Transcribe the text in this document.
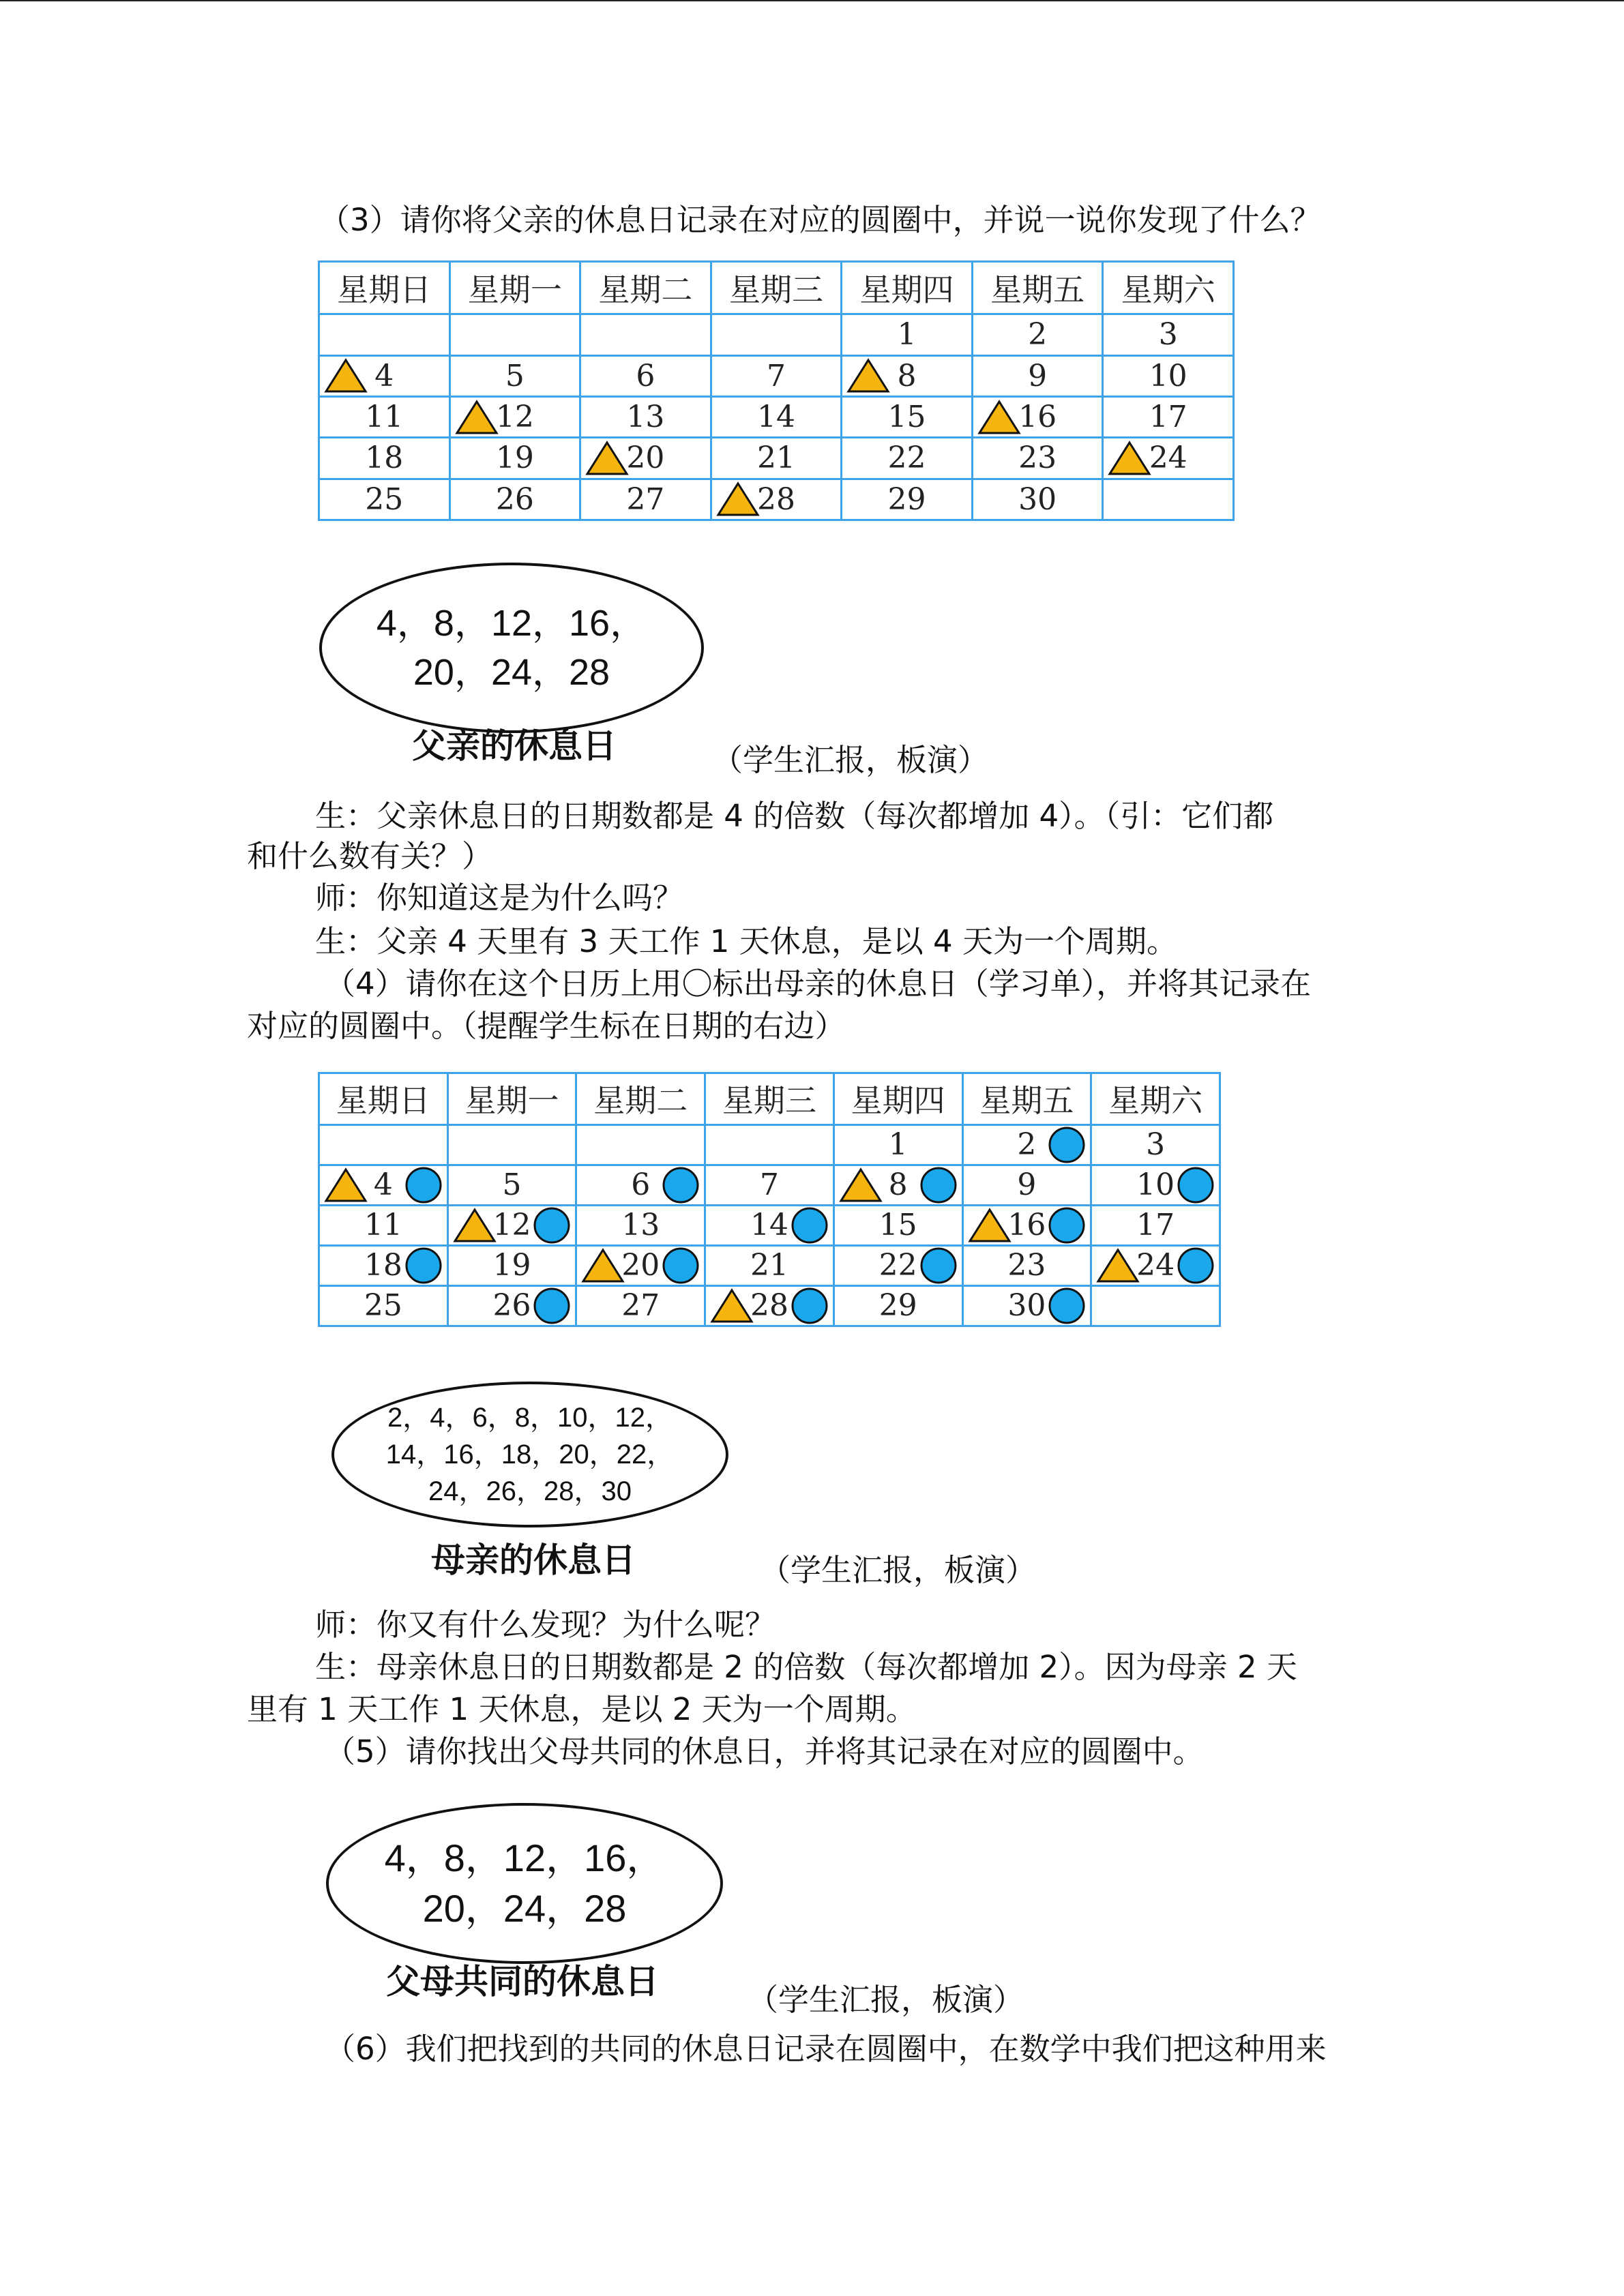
（3）请你将父亲的休息日记录在对应的圆圈中，并说一说你发现了什么？

星期日	星期一	星期二	星期三	星期四	星期五	星期六
				1	2	3
4	5	6	7	8	9	10
11	12	13	14	15	16	17
18	19	20	21	22	23	24

25	26	27	28	29	30	
4，8，12，16，
20，24，28
父亲的休息日	（学生汇报，板演）

生：父亲休息日的日期数都是 4 的倍数（每次都增加 4）。（引：它们都

和什么数有关？）

师：你知道这是为什么吗？

生：父亲 4 天里有 3 天工作 1 天休息，是以 4 天为一个周期。

（4）请你在这个日历上用〇标出母亲的休息日（学习单），并将其记录在

对应的圆圈中。（提醒学生标在日期的右边）

星期日	星期一	星期二	星期三	星期四	星期五	星期六
				1	2	3
4	5	6	7	8	9	10

11	12	13	14	15	16	17
18	19	20	21	22	23	24

25	26	27	28	29	30

2，4，6，8，10，12，
14，16，18，20，22，
24，26，28，30
母亲的休息日	（学生汇报，板演）

师：你又有什么发现？为什么呢？

生：母亲休息日的日期数都是 2 的倍数（每次都增加 2）。因为母亲 2 天

里有 1 天工作 1 天休息，是以 2 天为一个周期。

（5）请你找出父母共同的休息日，并将其记录在对应的圆圈中。

4，8，12，16，
20，24，28
父母共同的休息日	（学生汇报，板演）

（6）我们把找到的共同的休息日记录在圆圈中，在数学中我们把这种用来
